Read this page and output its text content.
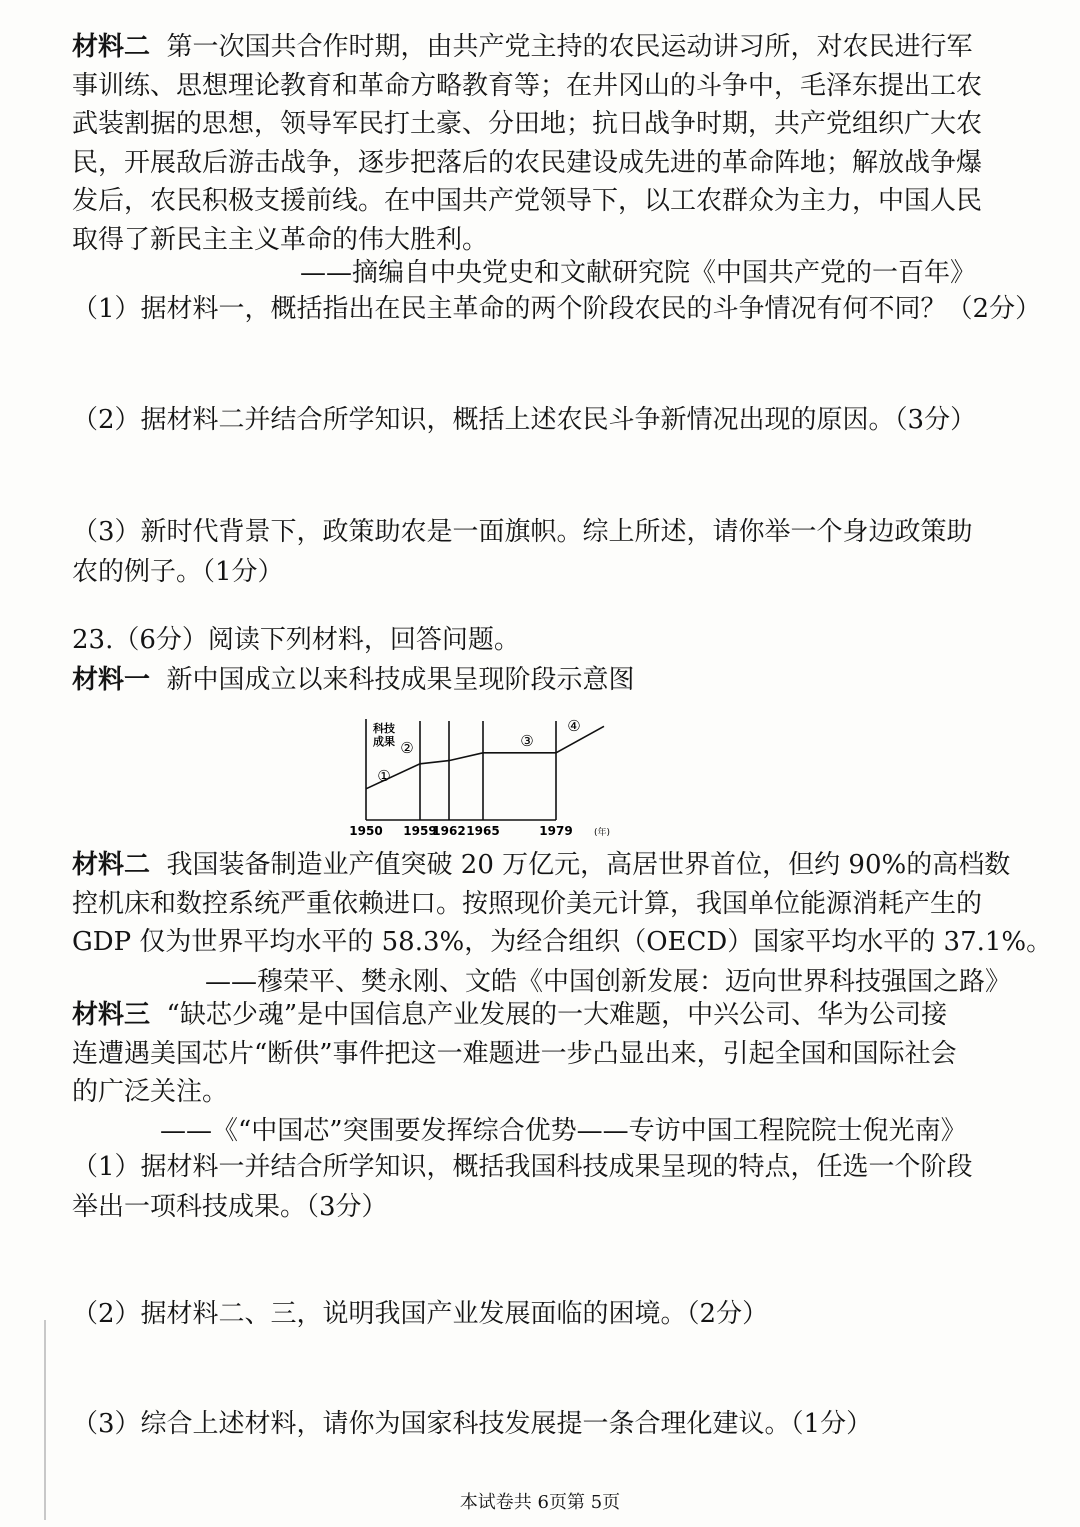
材料二 第一次国共合作时期，由共产党主持的农民运动讲习所，对农民进行军
事训练、思想理论教育和革命方略教育等；在井冈山的斗争中，毛泽东提出工农
武装割据的思想，领导军民打土豪、分田地；抗日战争时期，共产党组织广大农
民，开展敌后游击战争，逐步把落后的农民建设成先进的革命阵地；解放战争爆
发后，农民积极支援前线。在中国共产党领导下，以工农群众为主力，中国人民
取得了新民主主义革命的伟大胜利。
——摘编自中央党史和文献研究院《中国共产党的一百年》

（1）据材料一，概括指出在民主革命的两个阶段农民的斗争情况有何不同？（2分）

（2）据材料二并结合所学知识，概括上述农民斗争新情况出现的原因。（3分）

（3）新时代背景下，政策助农是一面旗帜。综上所述，请你举一个身边政策助
农的例子。（1分）

23.（6分）阅读下列材料，回答问题。

材料一 新中国成立以来科技成果呈现阶段示意图

科技
成果
①
②	③
④
1950 1959
1962 1965	1979 (年)
材料二 我国装备制造业产值突破 20 万亿元，高居世界首位，但约 90%的高档数
控机床和数控系统严重依赖进口。按照现价美元计算，我国单位能源消耗产生的
GDP 仅为世界平均水平的 58.3%，为经合组织（OECD）国家平均水平的 37.1%。
——穆荣平、樊永刚、文皓《中国创新发展：迈向世界科技强国之路》
材料三 “缺芯少魂”是中国信息产业发展的一大难题，中兴公司、华为公司接
连遭遇美国芯片“断供”事件把这一难题进一步凸显出来，引起全国和国际社会
的广泛关注。
——《“中国芯”突围要发挥综合优势——专访中国工程院院士倪光南》
（1）据材料一并结合所学知识，概括我国科技成果呈现的特点，任选一个阶段
举出一项科技成果。（3分）

（2）据材料二、三，说明我国产业发展面临的困境。（2分）

（3）综合上述材料，请你为国家科技发展提一条合理化建议。（1分）

本试卷共 6页第 5页
